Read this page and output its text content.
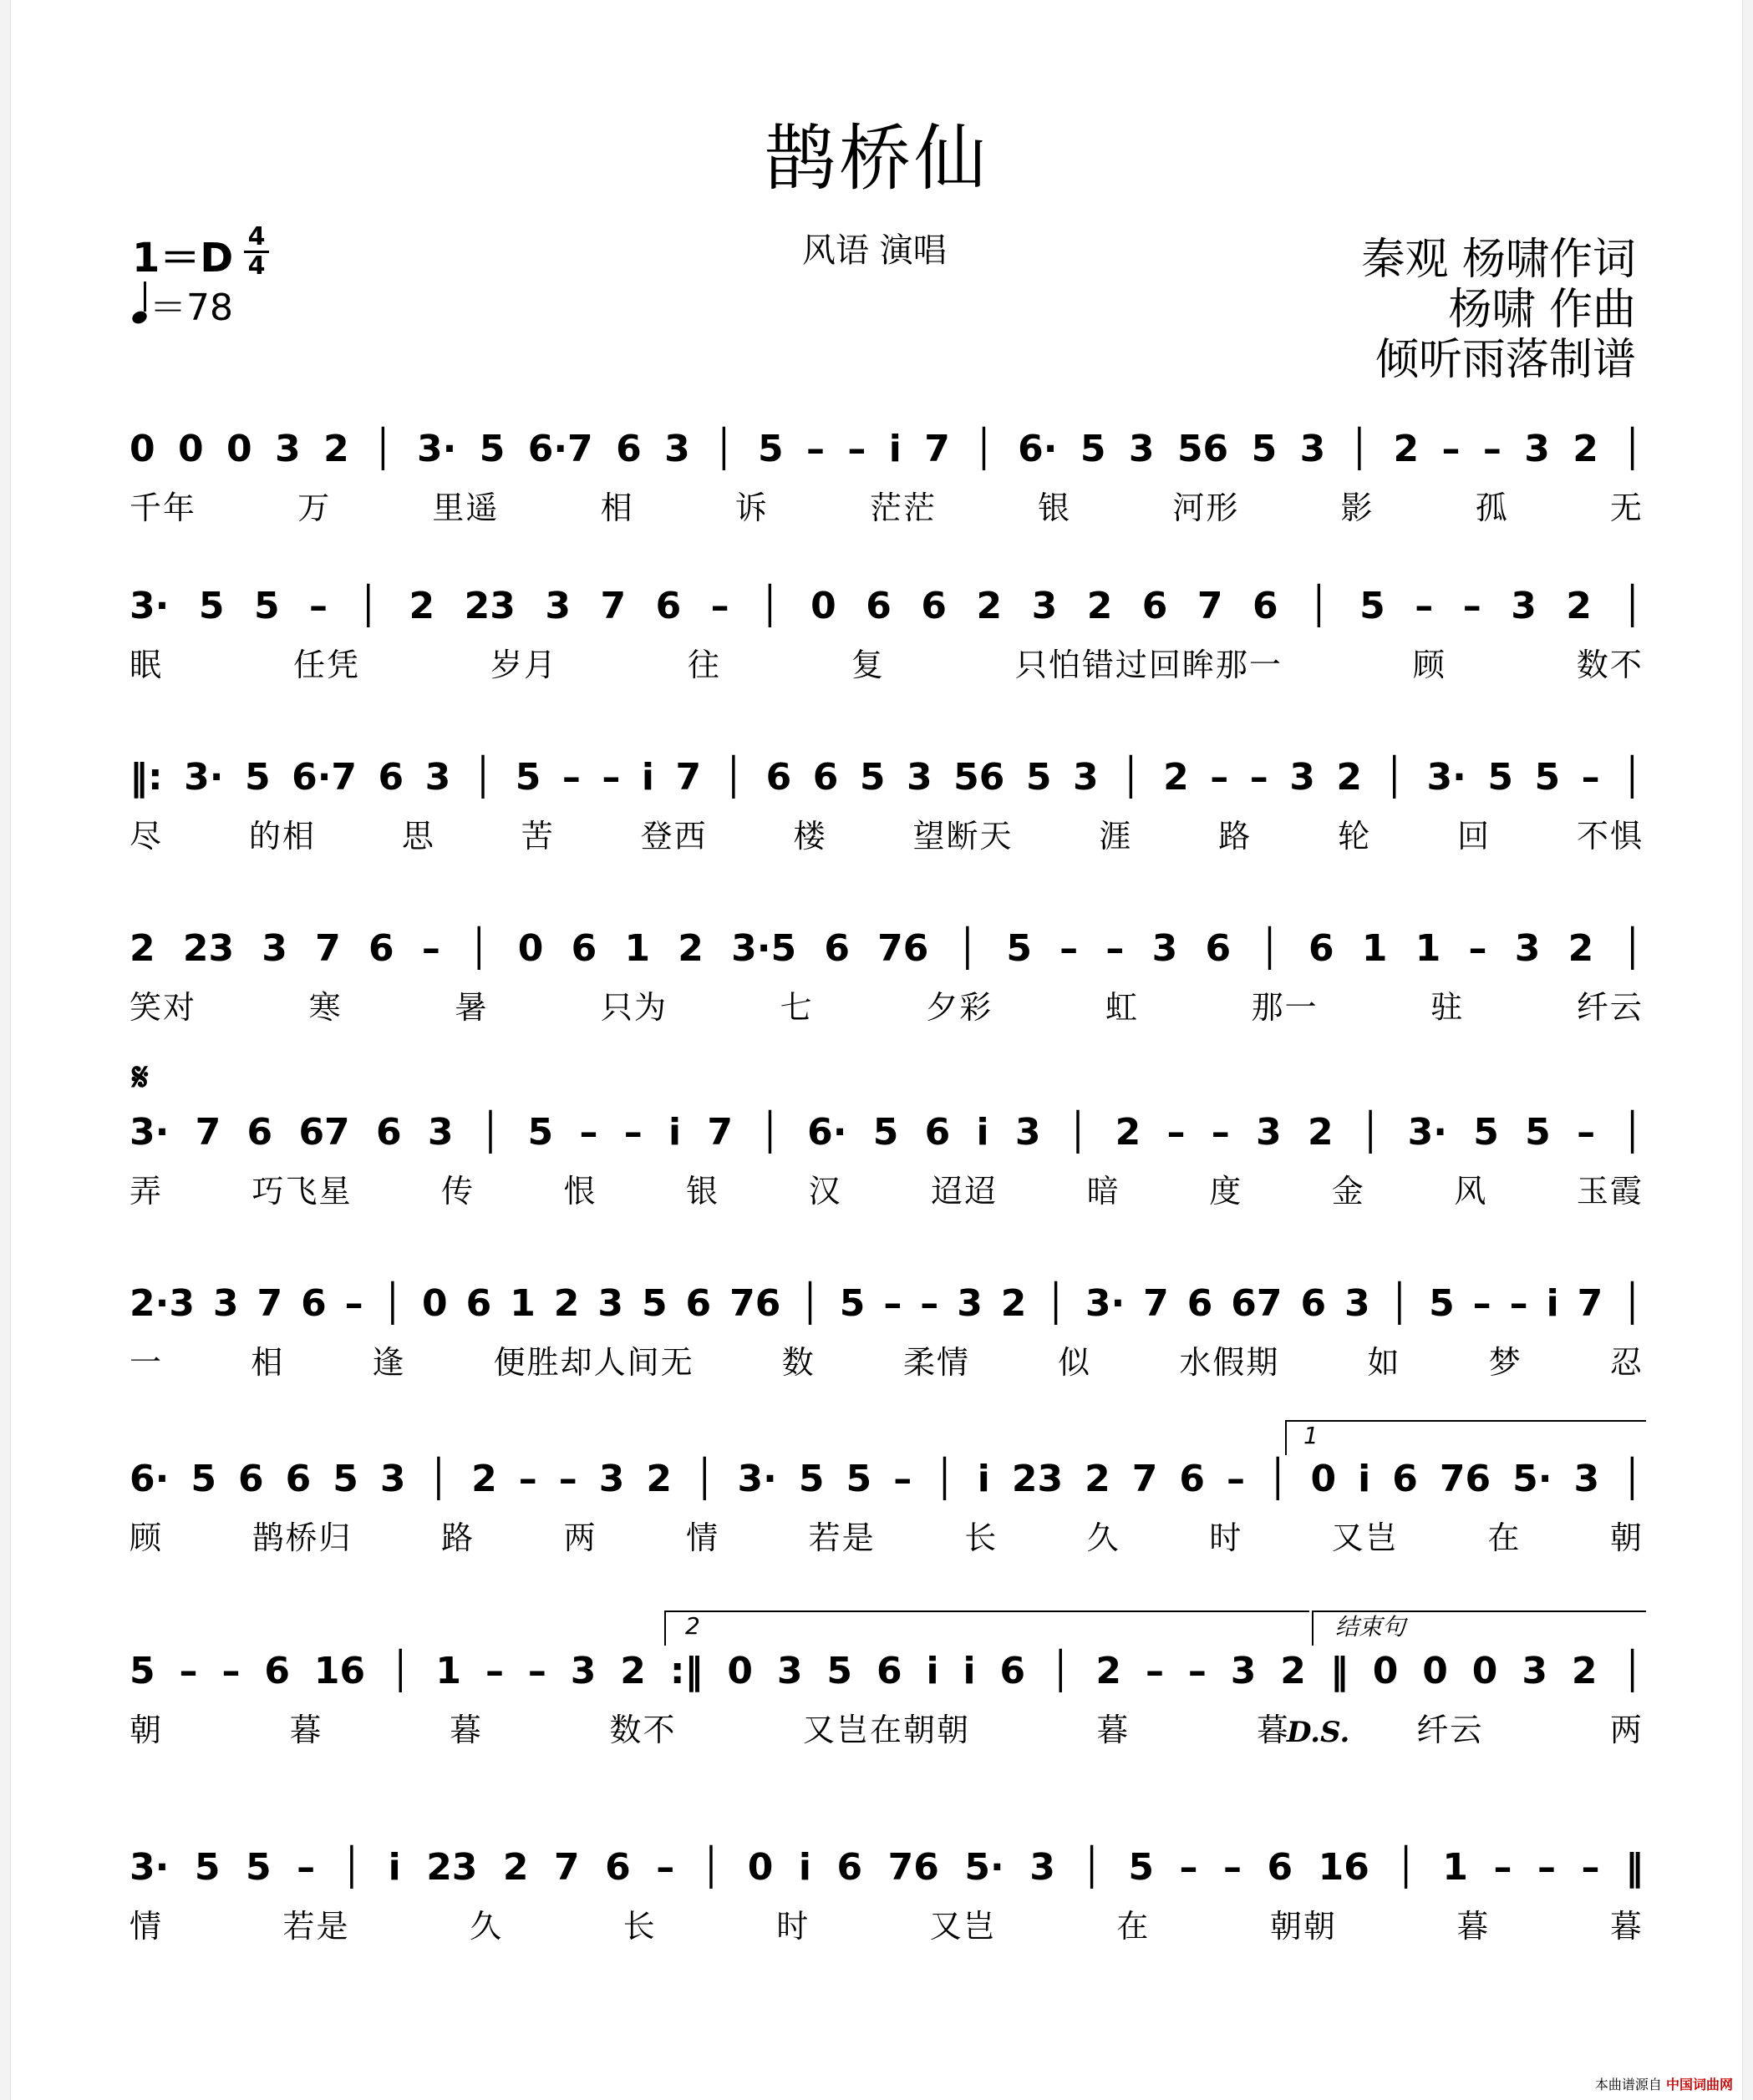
鹊桥仙
1＝D 4
4
＝78
风语 演唱	秦观 杨啸作词
杨啸 作曲
倾听雨落制谱
0 0 0 3 2 │ 3· 5 6·7 6 3 │ 5 – – i 7 │ 6· 5 3 56 5 3 │ 2 – – 3 2 │
千年	万	里遥	相	诉	茫茫	银	河形	影	孤	无
3· 5 5 – │ 2 23 3 7 6 – │ 0 6 6 2 3 2 6 7 6 │ 5 – – 3 2 │
眠	任凭	岁月	往	复	只怕错过回眸那一	顾	数不
‖: 3· 5 6·7 6 3 │ 5 – – i 7 │ 6 6 5 3 56 5 3 │ 2 – – 3 2 │ 3· 5 5 – │
尽	的相	思	苦	登西	楼	望断天	涯	路	轮	回	不惧
2 23 3 7 6 – │ 0 6 1 2 3·5 6 76 │ 5 – – 3 6 │ 6 1 1 – 3 2 │
笑对	寒	暑	只为	七	夕彩	虹	那一	驻	纤云
3· 7 6 67 6 3 │ 5 – – i 7 │ 6· 5 6 i 3 │ 2 – – 3 2 │ 3· 5 5 – │
弄	巧飞星	传	恨	银	汉	迢迢	暗	度	金	风	玉霞
2·3 3 7 6 – │ 0 6 1 2 3 5 6 76 │ 5 – – 3 2 │ 3· 7 6 67 6 3 │ 5 – – i 7 │
一	相	逢	便胜却人间无	数	柔情	似	水假期	如	梦	忍
6· 5 6 6 5 3 │ 2 – – 3 2 │ 3· 5 5 – │ i 23 2 7 6 – │ 0 i 6 76 5· 3 │
顾	鹊桥归	路	两	情	若是	长	久	时	又岂	在	朝
5 – – 6 16 │ 1 – – 3 2 :‖ 0 3 5 6 i i 6 │ 2 – – 3 2 ‖ 0 0 0 3 2 │
朝	暮	暮	数不	又岂在朝朝	暮	暮	纤云	两
3· 5 5 – │ i 23 2 7 6 – │ 0 i 6 76 5· 3 │ 5 – – 6 16 │ 1 – – – ‖
情	若是	久	长	时	又岂	在	朝朝	暮	暮
𝄋
1
2	结束句
D.S.
本曲谱源自 中国词曲网
